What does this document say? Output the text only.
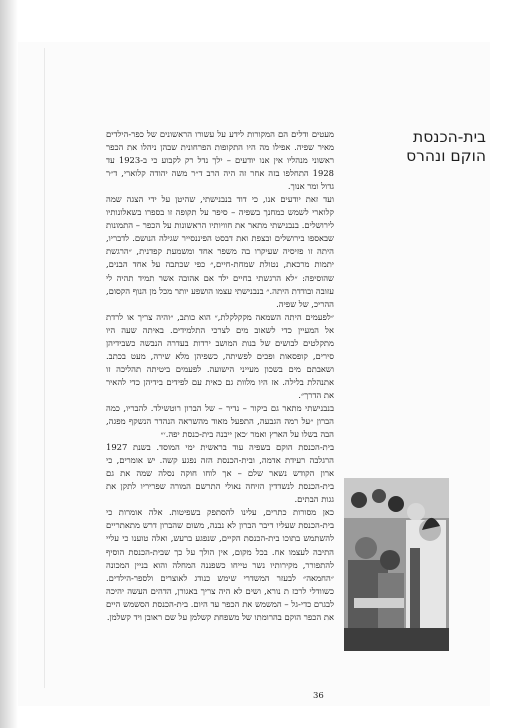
בית-הכנסת
הוקם ונהרס

מעטים ודלים הם המקורות לידע על עשורו הראשונים של כפר-הילדים מאיר שפיה. אפילו מה היו התקופות הפרחונית שבהן ניהלו את הכפר ראשוני מנהליו אין אנו יודעים – ילך נדל רק לקבוע כי ב-1923 עד 1928 התחלפו בזה אחר זה היה הרב ד״ר משה יהודה קלוארי, ד״ר גדול ומר אנוך.

ועד זאת יודעים אנו, כי דוד בנבנישתי, שהיטן על ידי הצגה שמה קלוארי לשמש כמחנך בשפיה – סיפר על תקופה זו בספרו בשאלונותיו לירושלים. בנבנישתי מתאר את חוויותיו הראשונות על הכפר – התמונות שבאספו בירושלים ובצפת ואת דבסט הפיננסייר שגילה הנושם. לדבריו, היתה זו פזיסיה שעיקרו בה משפר אחד ומשמעת קפדנית, ״הרגשת יתמות מרכאת, נטולת שמחת-חיים,״ כפי שכתבה על אחד הבנים, שהוסיפה: ״לא הרגשתי בחיים ילד אם אהובה אשר תמיד תהיה לי עזובה ובודדת היתה.״ בנבנישתי עצמו הושפע יותר מכל מן הנוף הקסום, ההריכ, של שפיה.

״לפעמים היתה השמאה מקקלקלת,״ הוא כותב, ״והיה צריך או לרדת אל המעיין כדי לשאוב מים לצרכי התלמידים. באיתה שעה היו מתקלטים לבושים של בנות המושב ירדות בעדרה הנבשה כשבידיהן סירים, קופסאות ופכים לפשיתה, כשפיהן מלא שירה, מעט בכתב. ושאבתם מים בשכון מעייני הישועה. לפעמים ביטיתה תהליכה זו אתנהלת בלילה. אז היו מלוות גם כאית עם לפידים בידיהן כדי להאיר את הדרך״.

בנבנישתי מתאר גם ביקור – נדיר – של הברון רוטשילד. להבריו, כמה הברון ״על רמה הגבעה, התפעל מאוד מהשראה הנהדר הנשקף מפגה, הבה בשלו על הארץ ואמר ׳כאן ייבנה בית-כנסת יפה.׳״

בית-הכנסת הוקם בשפיה עוד בראשית ימי המוסד. בשנת 1927 הרגלבה רעידת אדמה, ובית-הכנסת הזה נפגע קשה. יש אומרים, כי ארון הקודש נשאר שלם – אך לוחו חוקה נסלה שמה את גם בית-הכנסת לנשדדין הזיחה נאולי התרשם המורה שפריריו לתקן את גגות הבתים.

כאן מסורות כתרים, עלינו להסתפק בשפיטות. אלה אומרות כי בית-הכנסת שעליו דיבר הברון לא נבנה, משום שהברון דרש מתאתריים להשתמש בתוכו בית-הכנסת הקיים, שנפגע ברעש, ואלה טוענו כי עליי התיבה לעצמו אח. בכל מקום, אין הולך על כך שבית-הכנסת הוסיף להתפורר, מקירותיו נשר טייחו כשפננה המחלה והוא בניין המכונה ״החמאה״ לבעזר המשדרי שימש כנודג לאוצרים ולספר-הילדים. כשוודלי לרכז ת נורא, ושים לא היה צריך באגורן, הדהים העשה יהיכה לבגרם כדי-גל – המשמש את הכפר עד היום. בית-הכנסת הסשמש היים את הכפר הוקם בהרומתו של משפחת קשלמן על שם ראובן ויד קשלמן.

36
